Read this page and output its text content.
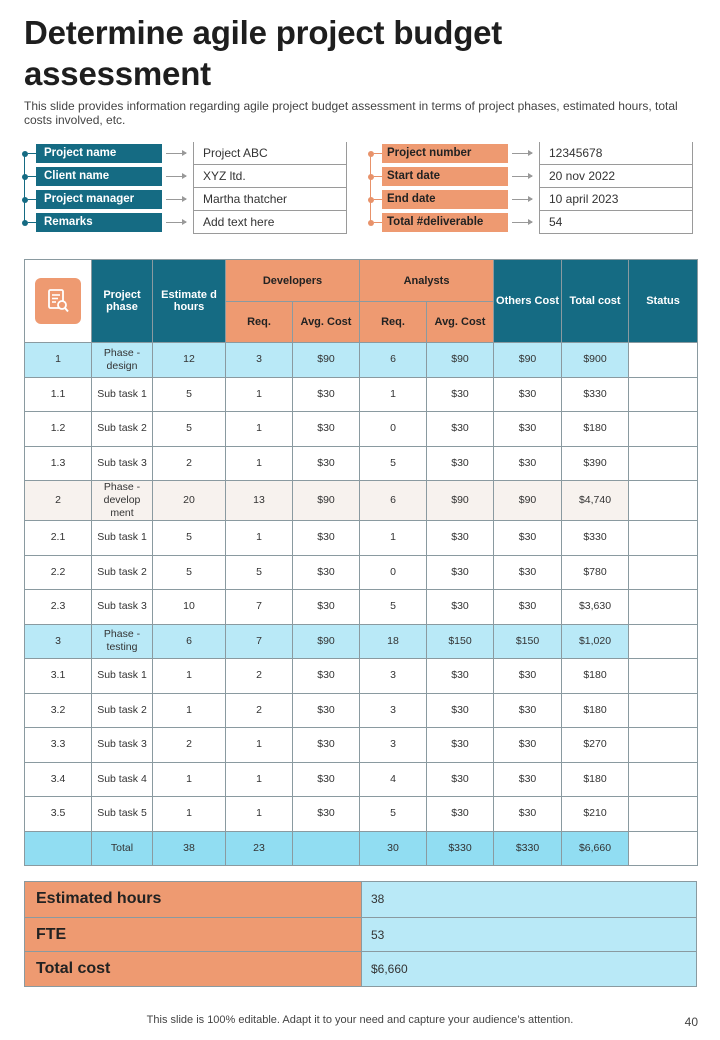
Determine agile project budget assessment
This slide provides information regarding agile project budget assessment in terms of project phases, estimated hours, total costs involved, etc.
Project name	Project ABC
Client name	XYZ ltd.
Project manager	Martha thatcher
Remarks	Add text here
Project number	12345678
Start date	20 nov 2022
End date	10 april 2023
Total #deliverable	54
	Project phase	Estimate d hours	Developers		Analysts		Others Cost	Total cost	Status
			Req.	Avg. Cost	Req.	Avg. Cost			
1	Phase - design	12	3	$90	6	$90	$90	$900	
1.1	Sub task 1	5	1	$30	1	$30	$30	$330	
1.2	Sub task 2	5	1	$30	0	$30	$30	$180	
1.3	Sub task 3	2	1	$30	5	$30	$30	$390	
2	Phase - develop ment	20	13	$90	6	$90	$90	$4,740	
2.1	Sub task 1	5	1	$30	1	$30	$30	$330	
2.2	Sub task 2	5	5	$30	0	$30	$30	$780	
2.3	Sub task 3	10	7	$30	5	$30	$30	$3,630	
3	Phase - testing	6	7	$90	18	$150	$150	$1,020	
3.1	Sub task 1	1	2	$30	3	$30	$30	$180	
3.2	Sub task 2	1	2	$30	3	$30	$30	$180	
3.3	Sub task 3	2	1	$30	3	$30	$30	$270	
3.4	Sub task 4	1	1	$30	4	$30	$30	$180	
3.5	Sub task 5	1	1	$30	5	$30	$30	$210	
	Total	38	23		30	$330	$330	$6,660	
Estimated hours	38
FTE	53
Total cost	$6,660
This slide is 100% editable. Adapt it to your need and capture your audience’s attention.	40
